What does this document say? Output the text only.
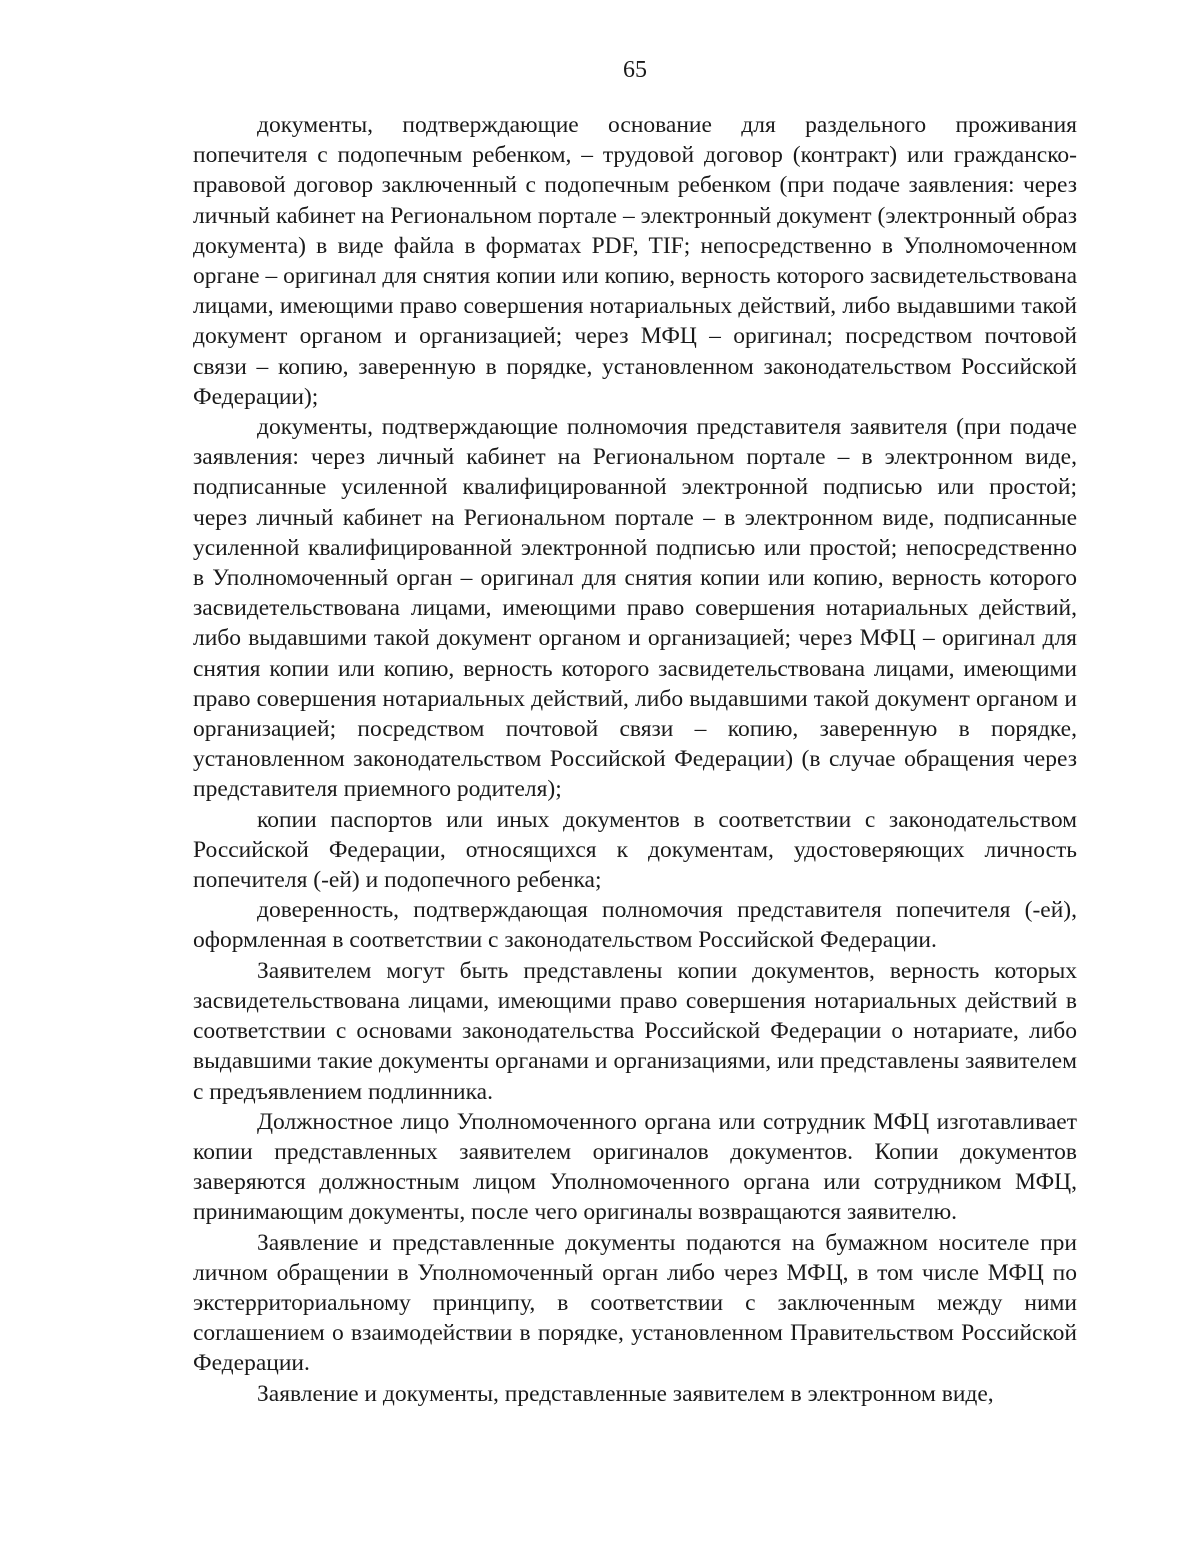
65

документы, подтверждающие основание для раздельного проживания попечителя с подопечным ребенком, – трудовой договор (контракт) или гражданско-правовой договор заключенный с подопечным ребенком (при подаче заявления: через личный кабинет на Региональном портале – электронный документ (электронный образ документа) в виде файла в форматах PDF, TIF; непосредственно в Уполномоченном органе – оригинал для снятия копии или копию, верность которого засвидетельствована лицами, имеющими право совершения нотариальных действий, либо выдавшими такой документ органом и организацией; через МФЦ – оригинал; посредством почтовой связи – копию, заверенную в порядке, установленном законодательством Российской Федерации);

документы, подтверждающие полномочия представителя заявителя (при подаче заявления: через личный кабинет на Региональном портале – в электронном виде, подписанные усиленной квалифицированной электронной подписью или простой; через личный кабинет на Региональном портале – в электронном виде, подписанные усиленной квалифицированной электронной подписью или простой; непосредственно в Уполномоченный орган – оригинал для снятия копии или копию, верность которого засвидетельствована лицами, имеющими право совершения нотариальных действий, либо выдавшими такой документ органом и организацией; через МФЦ – оригинал для снятия копии или копию, верность которого засвидетельствована лицами, имеющими право совершения нотариальных действий, либо выдавшими такой документ органом и организацией; посредством почтовой связи – копию, заверенную в порядке, установленном законодательством Российской Федерации) (в случае обращения через представителя приемного родителя);

копии паспортов или иных документов в соответствии с законодательством Российской Федерации, относящихся к документам, удостоверяющих личность попечителя (-ей) и подопечного ребенка;

доверенность, подтверждающая полномочия представителя попечителя (-ей), оформленная в соответствии с законодательством Российской Федерации.

Заявителем могут быть представлены копии документов, верность которых засвидетельствована лицами, имеющими право совершения нотариальных действий в соответствии с основами законодательства Российской Федерации о нотариате, либо выдавшими такие документы органами и организациями, или представлены заявителем с предъявлением подлинника.

Должностное лицо Уполномоченного органа или сотрудник МФЦ изготавливает копии представленных заявителем оригиналов документов. Копии документов заверяются должностным лицом Уполномоченного органа или сотрудником МФЦ, принимающим документы, после чего оригиналы возвращаются заявителю.

Заявление и представленные документы подаются на бумажном носителе при личном обращении в Уполномоченный орган либо через МФЦ, в том числе МФЦ по экстерриториальному принципу, в соответствии с заключенным между ними соглашением о взаимодействии в порядке, установленном Правительством Российской Федерации.

Заявление и документы, представленные заявителем в электронном виде,
